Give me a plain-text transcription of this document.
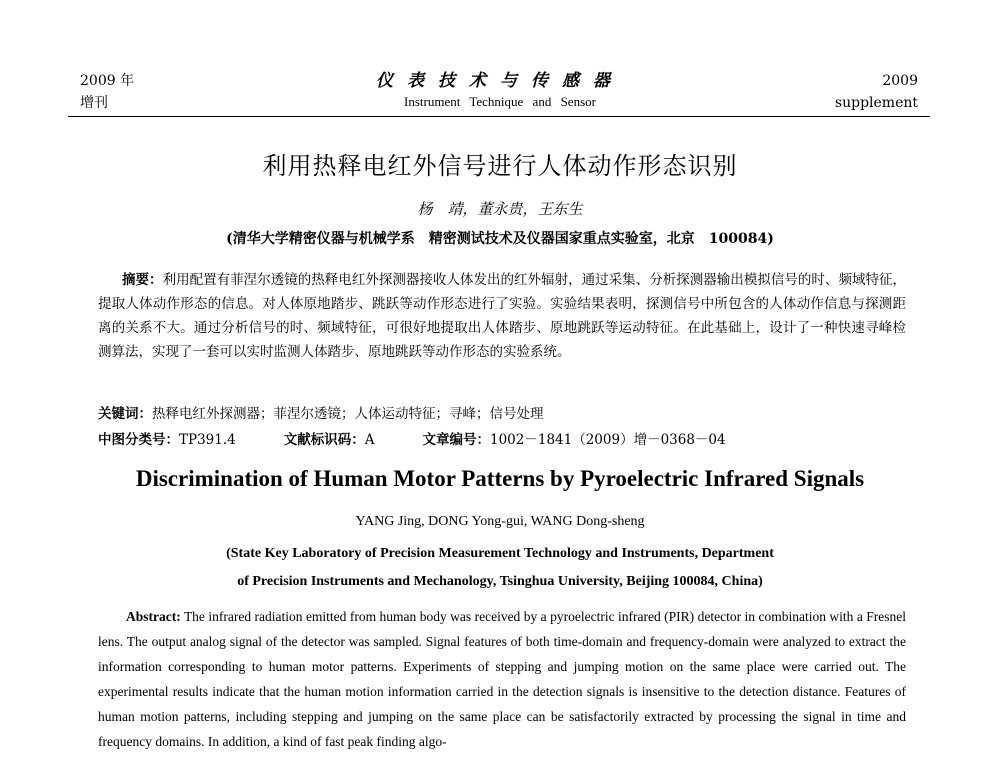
2009 年
增刊
仪表技术与传感器
Instrument Technique and Sensor
2009
supplement
利用热释电红外信号进行人体动作形态识别
杨　靖，董永贵，王东生
(清华大学精密仪器与机械学系　精密测试技术及仪器国家重点实验室，北京　100084)
摘要：利用配置有菲涅尔透镜的热释电红外探测器接收人体发出的红外辐射，通过采集、分析探测器输出模拟信号的时、频域特征，提取人体动作形态的信息。对人体原地踏步、跳跃等动作形态进行了实验。实验结果表明，探测信号中所包含的人体动作信息与探测距离的关系不大。通过分析信号的时、频域特征，可很好地提取出人体踏步、原地跳跃等运动特征。在此基础上，设计了一种快速寻峰检测算法，实现了一套可以实时监测人体踏步、原地跳跃等动作形态的实验系统。
关键词：热释电红外探测器；菲涅尔透镜；人体运动特征；寻峰；信号处理
中图分类号：TP391.4	文献标识码：A	文章编号：1002－1841（2009）增－0368－04
Discrimination of Human Motor Patterns by Pyroelectric Infrared Signals
YANG Jing, DONG Yong-gui, WANG Dong-sheng
(State Key Laboratory of Precision Measurement Technology and Instruments, Department
of Precision Instruments and Mechanology, Tsinghua University, Beijing 100084, China)
Abstract: The infrared radiation emitted from human body was received by a pyroelectric infrared (PIR) detector in combination with a Fresnel lens. The output analog signal of the detector was sampled. Signal features of both time-domain and frequency-domain were analyzed to extract the information corresponding to human motor patterns. Experiments of stepping and jumping motion on the same place were carried out. The experimental results indicate that the human motion information carried in the detection signals is insensitive to the detection distance. Features of human motion patterns, including stepping and jumping on the same place can be satisfactorily extracted by processing the signal in time and frequency domains. In addition, a kind of fast peak finding algo-
